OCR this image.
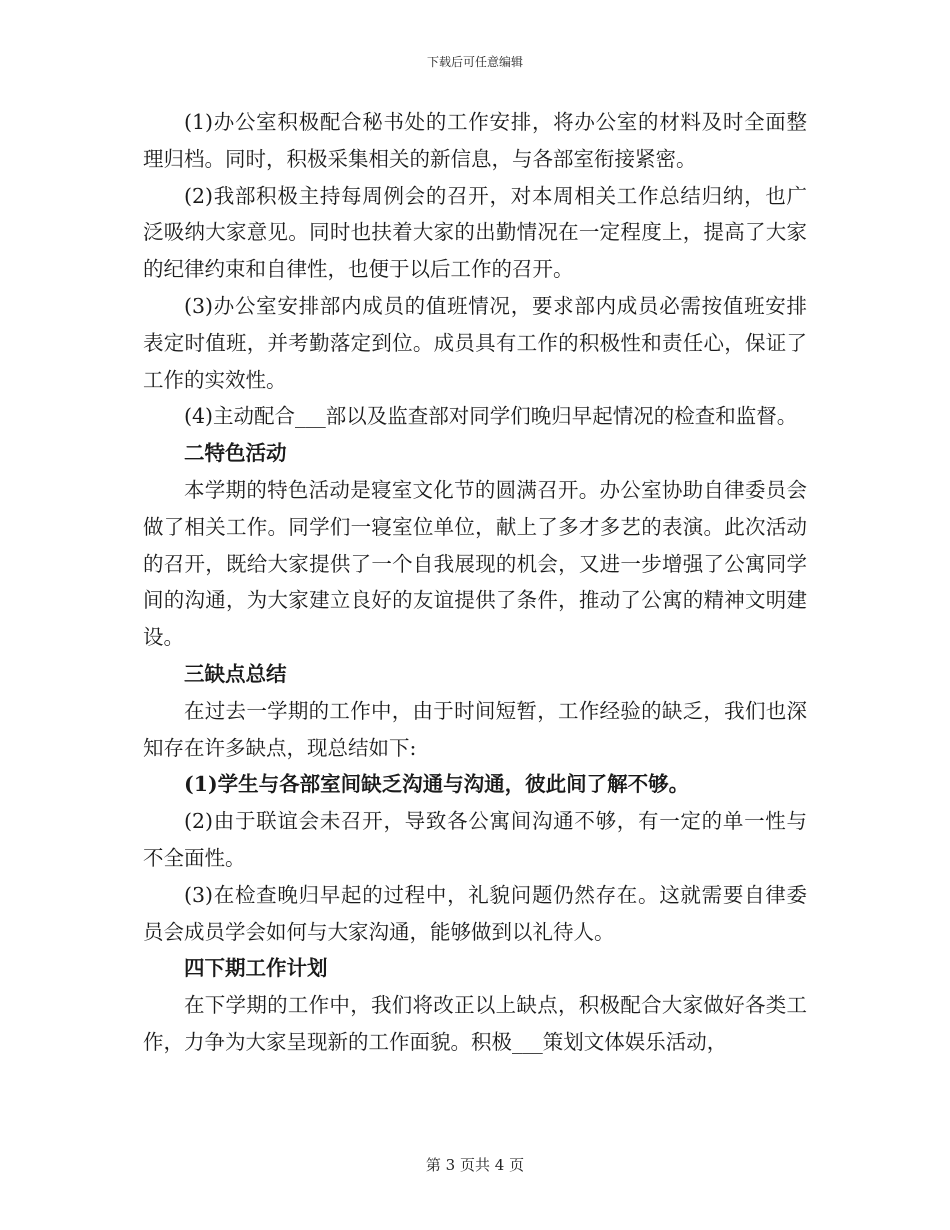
下载后可任意编辑

(1)办公室积极配合秘书处的工作安排，将办公室的材料及时全面整理归档。同时，积极采集相关的新信息，与各部室衔接紧密。

(2)我部积极主持每周例会的召开，对本周相关工作总结归纳，也广泛吸纳大家意见。同时也扶着大家的出勤情况在一定程度上，提高了大家的纪律约束和自律性，也便于以后工作的召开。

(3)办公室安排部内成员的值班情况，要求部内成员必需按值班安排表定时值班，并考勤落定到位。成员具有工作的积极性和责任心，保证了工作的实效性。

(4)主动配合___部以及监查部对同学们晚归早起情况的检查和监督。

二特色活动

本学期的特色活动是寝室文化节的圆满召开。办公室协助自律委员会做了相关工作。同学们一寝室位单位，献上了多才多艺的表演。此次活动的召开，既给大家提供了一个自我展现的机会，又进一步增强了公寓同学间的沟通，为大家建立良好的友谊提供了条件，推动了公寓的精神文明建设。

三缺点总结

在过去一学期的工作中，由于时间短暂，工作经验的缺乏，我们也深知存在许多缺点，现总结如下:

(1)学生与各部室间缺乏沟通与沟通，彼此间了解不够。

(2)由于联谊会未召开，导致各公寓间沟通不够，有一定的单一性与不全面性。

(3)在检查晚归早起的过程中，礼貌问题仍然存在。这就需要自律委员会成员学会如何与大家沟通，能够做到以礼待人。

四下期工作计划

在下学期的工作中，我们将改正以上缺点，积极配合大家做好各类工作，力争为大家呈现新的工作面貌。积极___策划文体娱乐活动，

第 3 页共 4 页
